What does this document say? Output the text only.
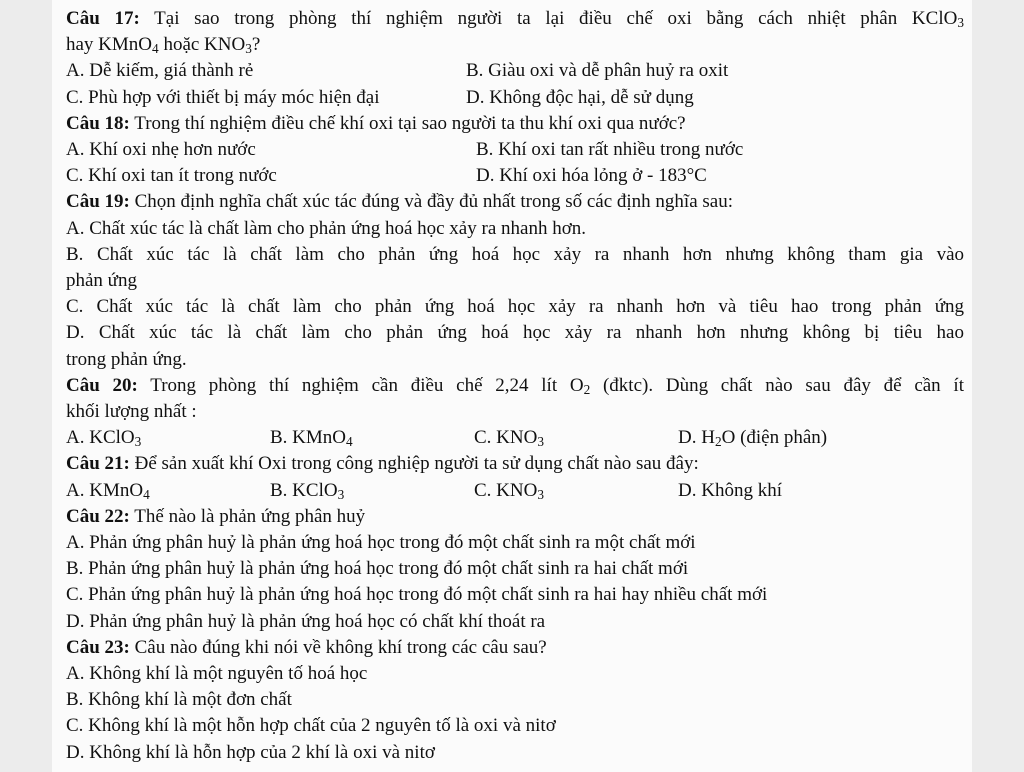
Câu 17: Tại sao trong phòng thí nghiệm người ta lại điều chế oxi bằng cách nhiệt phân KClO$_3$
hay KMnO$_4$ hoặc $KNO_3$?
A. Dễ kiếm, giá thành rẻ	B. Giàu oxi và dễ phân huỷ ra oxit
C. Phù hợp với thiết bị máy móc hiện đại	D. Không độc hại, dễ sử dụng
Câu 18: Trong thí nghiệm điều chế khí oxi tại sao người ta thu khí oxi qua nước?
A. Khí oxi nhẹ hơn nước	B. Khí oxi tan rất nhiều trong nước
C. Khí oxi tan ít trong nước	D. Khí oxi hóa lỏng ở - 183°C
Câu 19: Chọn định nghĩa chất xúc tác đúng và đầy đủ nhất trong số các định nghĩa sau:
A. Chất xúc tác là chất làm cho phản ứng hoá học xảy ra nhanh hơn.
B. Chất xúc tác là chất làm cho phản ứng hoá học xảy ra nhanh hơn nhưng không tham gia vào
phản ứng
C. Chất xúc tác là chất làm cho phản ứng hoá học xảy ra nhanh hơn và tiêu hao trong phản ứng
D. Chất xúc tác là chất làm cho phản ứng hoá học xảy ra nhanh hơn nhưng không bị tiêu hao
trong phản ứng.
Câu 20: Trong phòng thí nghiệm cần điều chế 2,24 lít $O_2$ (đktc). Dùng chất nào sau đây để cần ít
khối lượng nhất :
A. KClO$_3$	B. KMnO$_4$	C. $KNO_3$	D. $H_2O$ (điện phân)
Câu 21: Để sản xuất khí Oxi trong công nghiệp người ta sử dụng chất nào sau đây:
A. KMnO$_4$	B. KClO$_3$	C. $KNO_3$	D. Không khí
Câu 22: Thế nào là phản ứng phân huỷ
A. Phản ứng phân huỷ là phản ứng hoá học trong đó một chất sinh ra một chất mới
B. Phản ứng phân huỷ là phản ứng hoá học trong đó một chất sinh ra hai chất mới
C. Phản ứng phân huỷ là phản ứng hoá học trong đó một chất sinh ra hai hay nhiều chất mới
D. Phản ứng phân huỷ là phản ứng hoá học có chất khí thoát ra
Câu 23: Câu nào đúng khi nói về không khí trong các câu sau?
A. Không khí là một nguyên tố hoá học
B. Không khí là một đơn chất
C. Không khí là một hỗn hợp chất của 2 nguyên tố là oxi và nitơ
D. Không khí là hỗn hợp của 2 khí là oxi và nitơ
